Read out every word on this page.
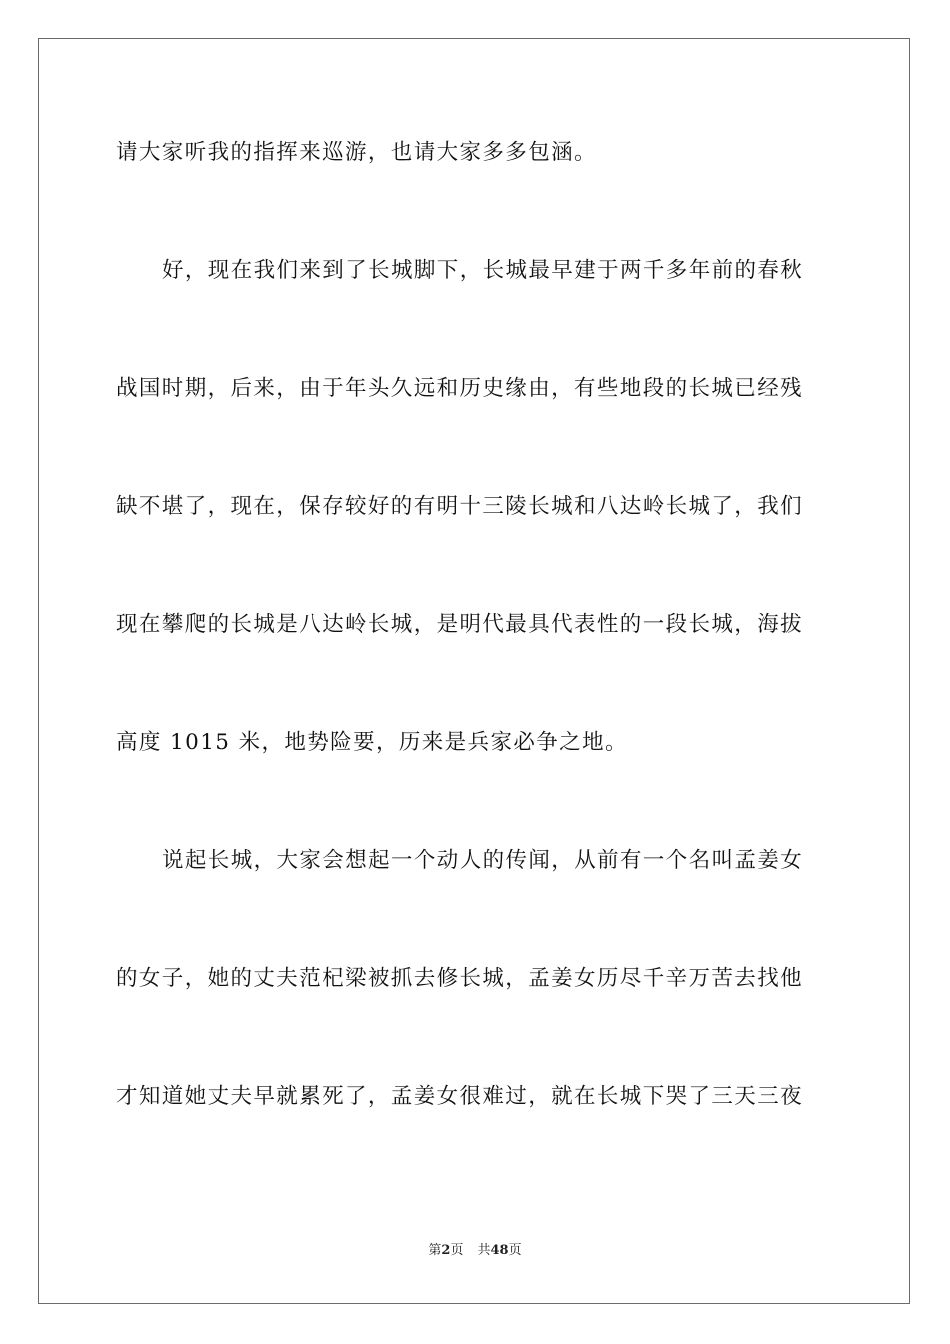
请大家听我的指挥来巡游，也请大家多多包涵。
好，现在我们来到了长城脚下，长城最早建于两千多年前的春秋
战国时期，后来，由于年头久远和历史缘由，有些地段的长城已经残
缺不堪了，现在，保存较好的有明十三陵长城和八达岭长城了，我们
现在攀爬的长城是八达岭长城，是明代最具代表性的一段长城，海拔
高度 1015 米，地势险要，历来是兵家必争之地。
说起长城，大家会想起一个动人的传闻，从前有一个名叫孟姜女
的女子，她的丈夫范杞梁被抓去修长城，孟姜女历尽千辛万苦去找他
才知道她丈夫早就累死了，孟姜女很难过，就在长城下哭了三天三夜
第2页 共48页
